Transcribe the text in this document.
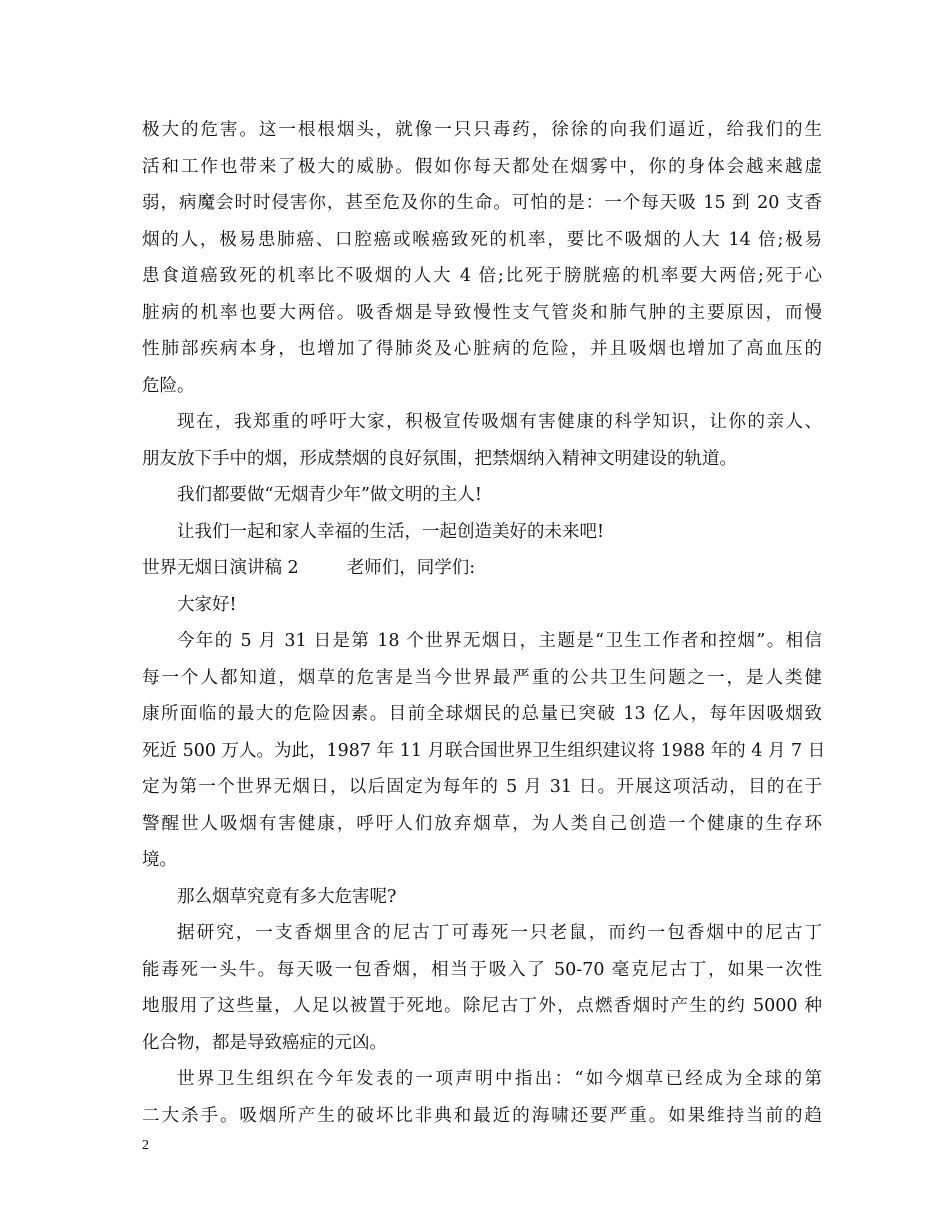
极大的危害。这一根根烟头，就像一只只毒药，徐徐的向我们逼近，给我们的生
活和工作也带来了极大的威胁。假如你每天都处在烟雾中，你的身体会越来越虚
弱，病魔会时时侵害你，甚至危及你的生命。可怕的是：一个每天吸 15 到 20 支香
烟的人，极易患肺癌、口腔癌或喉癌致死的机率，要比不吸烟的人大 14 倍;极易
患食道癌致死的机率比不吸烟的人大 4 倍;比死于膀胱癌的机率要大两倍;死于心
脏病的机率也要大两倍。吸香烟是导致慢性支气管炎和肺气肿的主要原因，而慢
性肺部疾病本身，也增加了得肺炎及心脏病的危险，并且吸烟也增加了高血压的
危险。
现在，我郑重的呼吁大家，积极宣传吸烟有害健康的科学知识，让你的亲人、
朋友放下手中的烟，形成禁烟的良好氛围，把禁烟纳入精神文明建设的轨道。
我们都要做“无烟青少年”做文明的主人!
让我们一起和家人幸福的生活，一起创造美好的未来吧!
世界无烟日演讲稿 2	老师们，同学们:
大家好!
今年的 5 月 31 日是第 18 个世界无烟日，主题是“卫生工作者和控烟”。相信
每一个人都知道，烟草的危害是当今世界最严重的公共卫生问题之一，是人类健
康所面临的最大的危险因素。目前全球烟民的总量已突破 13 亿人，每年因吸烟致
死近 500 万人。为此，1987 年 11 月联合国世界卫生组织建议将 1988 年的 4 月 7 日
定为第一个世界无烟日，以后固定为每年的 5 月 31 日。开展这项活动，目的在于
警醒世人吸烟有害健康，呼吁人们放弃烟草，为人类自己创造一个健康的生存环
境。
那么烟草究竟有多大危害呢?
据研究，一支香烟里含的尼古丁可毒死一只老鼠，而约一包香烟中的尼古丁
能毒死一头牛。每天吸一包香烟，相当于吸入了 50-70 毫克尼古丁，如果一次性
地服用了这些量，人足以被置于死地。除尼古丁外，点燃香烟时产生的约 5000 种
化合物，都是导致癌症的元凶。
世界卫生组织在今年发表的一项声明中指出：“如今烟草已经成为全球的第
二大杀手。吸烟所产生的破坏比非典和最近的海啸还要严重。如果维持当前的趋
2
